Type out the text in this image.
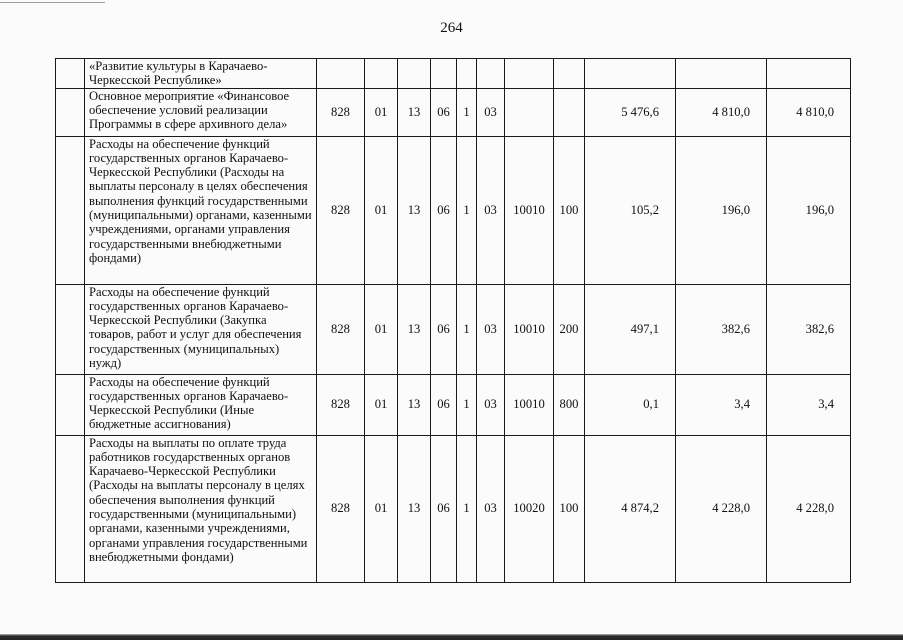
264
	«Развитие культуры в Карачаево-Черкесской Республике»											
	Основное мероприятие «Финансовое обеспечение условий реализации Программы в сфере архивного дела»	828	01	13	06	1	03			5 476,6	4 810,0	4 810,0
	Расходы на обеспечение функций государственных органов Карачаево-Черкесской Республики (Расходы на выплаты персоналу в целях обеспечения выполнения функций государственными (муниципальными) органами, казенными учреждениями, органами управления государственными внебюджетными фондами)	828	01	13	06	1	03	10010	100	105,2	196,0	196,0
	Расходы на обеспечение функций государственных органов Карачаево-Черкесской Республики (Закупка товаров, работ и услуг для обеспечения государственных (муниципальных) нужд)	828	01	13	06	1	03	10010	200	497,1	382,6	382,6
	Расходы на обеспечение функций государственных органов Карачаево-Черкесской Республики (Иные бюджетные ассигнования)	828	01	13	06	1	03	10010	800	0,1	3,4	3,4
	Расходы на выплаты по оплате труда работников государственных органов Карачаево-Черкесской Республики (Расходы на выплаты персоналу в целях обеспечения выполнения функций государственными (муниципальными) органами, казенными учреждениями, органами управления государственными внебюджетными фондами)	828	01	13	06	1	03	10020	100	4 874,2	4 228,0	4 228,0
